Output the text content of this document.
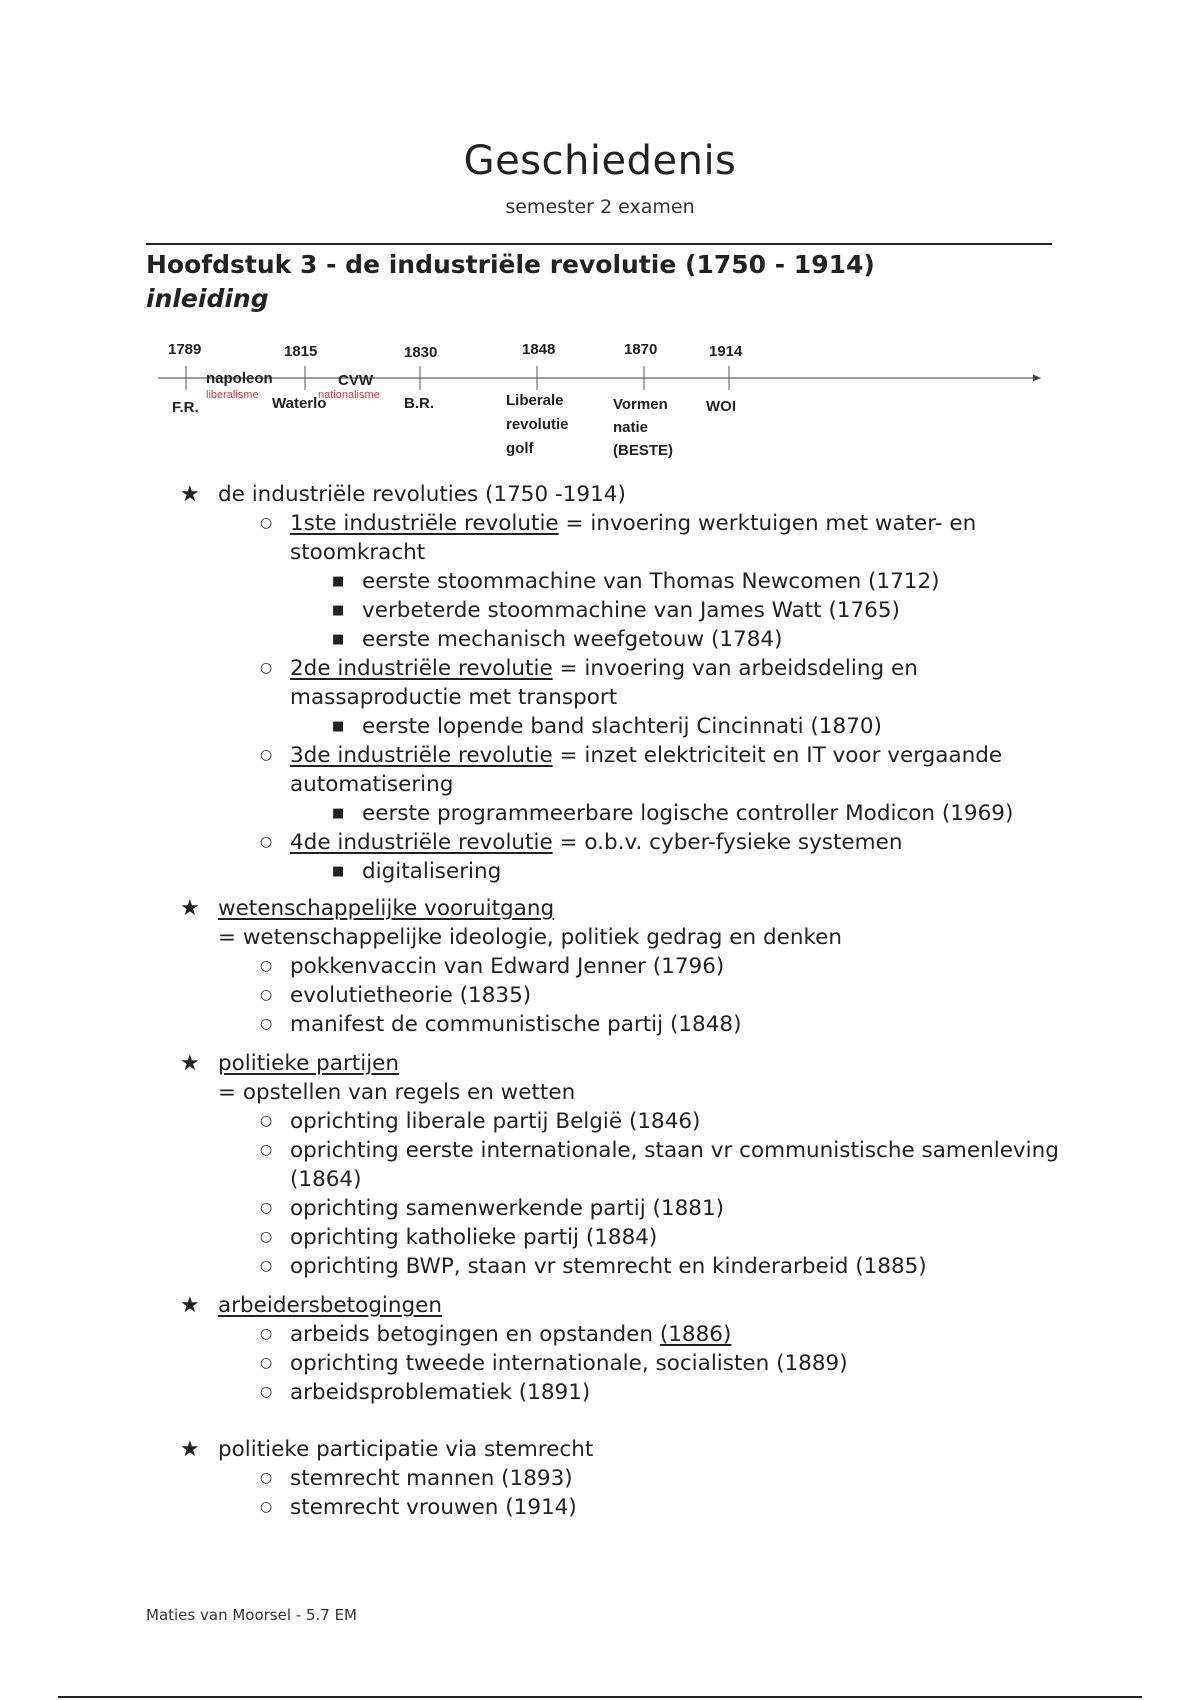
Geschiedenis
semester 2 examen
Hoofdstuk 3 - de industriële revolutie (1750 - 1914)
inleiding
1789	1815	1830	1848	1870	1914
F.R.
napoleon
liberalisme Waterlo
CVW
nationalisme B.R.	Liberale
revolutie
golf
Vormen
natie
(BESTE)
WOI
★ de industriële revoluties (1750 -1914)
○ 1ste industriële revolutie = invoering werktuigen met water- en stoomkracht
■ eerste stoommachine van Thomas Newcomen (1712)
■ verbeterde stoommachine van James Watt (1765)
■ eerste mechanisch weefgetouw (1784)
○ 2de industriële revolutie = invoering van arbeidsdeling en massaproductie met transport
■ eerste lopende band slachterij Cincinnati (1870)
○ 3de industriële revolutie = inzet elektriciteit en IT voor vergaande automatisering
■ eerste programmeerbare logische controller Modicon (1969)
○ 4de industriële revolutie = o.b.v. cyber-fysieke systemen
■ digitalisering
★ wetenschappelijke vooruitgang
= wetenschappelijke ideologie, politiek gedrag en denken
○ pokkenvaccin van Edward Jenner (1796)
○ evolutietheorie (1835)
○ manifest de communistische partij (1848)
★ politieke partijen
= opstellen van regels en wetten
○ oprichting liberale partij België (1846)
○ oprichting eerste internationale, staan vr communistische samenleving (1864)
○ oprichting samenwerkende partij (1881)
○ oprichting katholieke partij (1884)
○ oprichting BWP, staan vr stemrecht en kinderarbeid (1885)
★ arbeidersbetogingen
○ arbeids betogingen en opstanden (1886)
○ oprichting tweede internationale, socialisten (1889)
○ arbeidsproblematiek (1891)
★ politieke participatie via stemrecht
○ stemrecht mannen (1893)
○ stemrecht vrouwen (1914)
Maties van Moorsel - 5.7 EM
